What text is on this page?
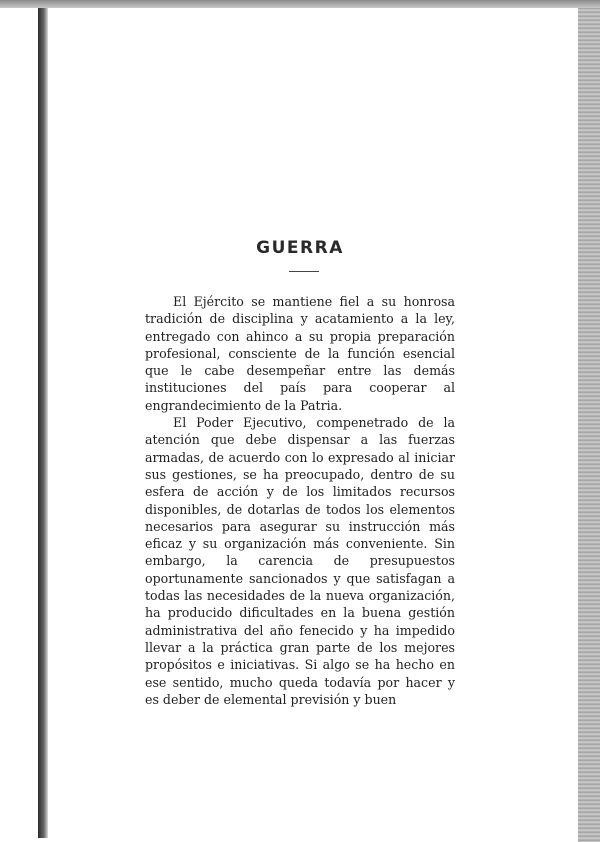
GUERRA

El Ejército se mantiene fiel a su honrosa tradición de disciplina y acatamiento a la ley, entregado con ahinco a su propia preparación profesional, consciente de la función esencial que le cabe desempeñar entre las demás instituciones del país para cooperar al engrandecimiento de la Patria.

El Poder Ejecutivo, compenetrado de la atención que debe dispensar a las fuerzas armadas, de acuerdo con lo expresado al iniciar sus gestiones, se ha preocupado, dentro de su esfera de acción y de los limitados recursos disponibles, de dotarlas de todos los elementos necesarios para asegurar su instrucción más eficaz y su organización más conveniente. Sin embargo, la carencia de presupuestos oportunamente sancionados y que satisfagan a todas las necesidades de la nueva organización, ha producido dificultades en la buena gestión administrativa del año fenecido y ha impedido llevar a la práctica gran parte de los mejores propósitos e iniciativas. Si algo se ha hecho en ese sentido, mucho queda todavía por hacer y es deber de elemental previsión y buen
